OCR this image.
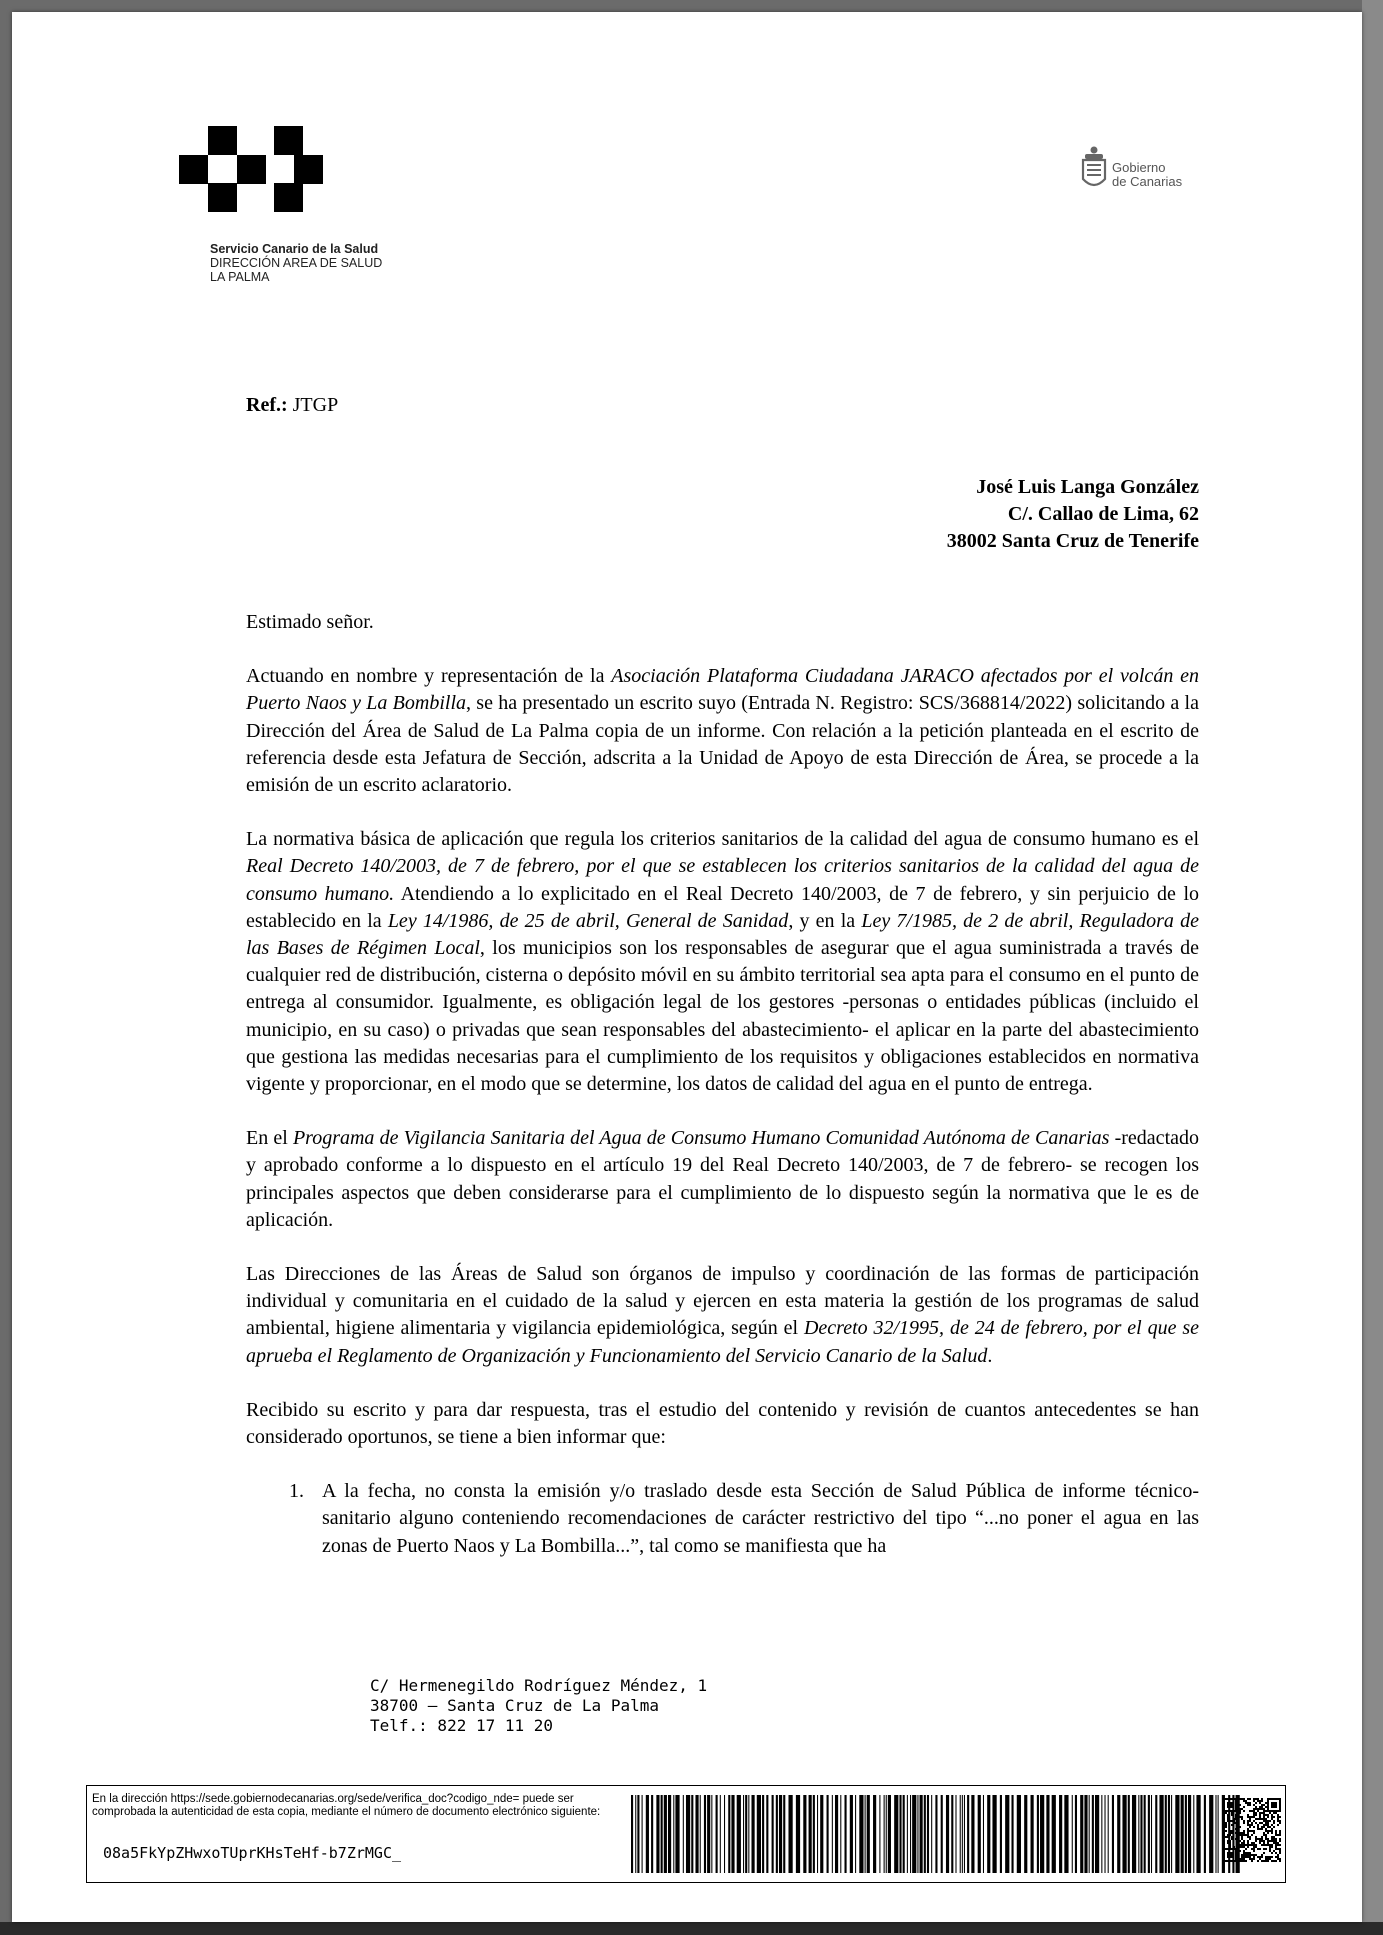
Servicio Canario de la Salud
DIRECCIÓN AREA DE SALUD
LA PALMA
Gobierno
de Canarias
Ref.: JTGP
José Luis Langa González
C/. Callao de Lima, 62
38002 Santa Cruz de Tenerife

Estimado señor.

Actuando en nombre y representación de la Asociación Plataforma Ciudadana JARACO afectados por el volcán en Puerto Naos y La Bombilla, se ha presentado un escrito suyo (Entrada N. Registro: SCS/368814/2022) solicitando a la Dirección del Área de Salud de La Palma copia de un informe. Con relación a la petición planteada en el escrito de referencia desde esta Jefatura de Sección, adscrita a la Unidad de Apoyo de esta Dirección de Área, se procede a la emisión de un escrito aclaratorio.

La normativa básica de aplicación que regula los criterios sanitarios de la calidad del agua de consumo humano es el Real Decreto 140/2003, de 7 de febrero, por el que se establecen los criterios sanitarios de la calidad del agua de consumo humano. Atendiendo a lo explicitado en el Real Decreto 140/2003, de 7 de febrero, y sin perjuicio de lo establecido en la Ley 14/1986, de 25 de abril, General de Sanidad, y en la Ley 7/1985, de 2 de abril, Reguladora de las Bases de Régimen Local, los municipios son los responsables de asegurar que el agua suministrada a través de cualquier red de distribución, cisterna o depósito móvil en su ámbito territorial sea apta para el consumo en el punto de entrega al consumidor. Igualmente, es obligación legal de los gestores -personas o entidades públicas (incluido el municipio, en su caso) o privadas que sean responsables del abastecimiento- el aplicar en la parte del abastecimiento que gestiona las medidas necesarias para el cumplimiento de los requisitos y obligaciones establecidos en normativa vigente y proporcionar, en el modo que se determine, los datos de calidad del agua en el punto de entrega.

En el Programa de Vigilancia Sanitaria del Agua de Consumo Humano Comunidad Autónoma de Canarias -redactado y aprobado conforme a lo dispuesto en el artículo 19 del Real Decreto 140/2003, de 7 de febrero- se recogen los principales aspectos que deben considerarse para el cumplimiento de lo dispuesto según la normativa que le es de aplicación.

Las Direcciones de las Áreas de Salud son órganos de impulso y coordinación de las formas de participación individual y comunitaria en el cuidado de la salud y ejercen en esta materia la gestión de los programas de salud ambiental, higiene alimentaria y vigilancia epidemiológica, según el Decreto 32/1995, de 24 de febrero, por el que se aprueba el Reglamento de Organización y Funcionamiento del Servicio Canario de la Salud.

Recibido su escrito y para dar respuesta, tras el estudio del contenido y revisión de cuantos antecedentes se han considerado oportunos, se tiene a bien informar que:

1. A la fecha, no consta la emisión y/o traslado desde esta Sección de Salud Pública de informe técnico-sanitario alguno conteniendo recomendaciones de carácter restrictivo del tipo “...no poner el agua en las zonas de Puerto Naos y La Bombilla...”, tal como se manifiesta que ha
C/ Hermenegildo Rodríguez Méndez, 1
38700 – Santa Cruz de La Palma
Telf.: 822 17 11 20
En la dirección https://sede.gobiernodecanarias.org/sede/verifica_doc?codigo_nde= puede ser comprobada la autenticidad de esta copia, mediante el número de documento electrónico siguiente:
08a5FkYpZHwxoTUprKHsTeHf-b7ZrMGC_
